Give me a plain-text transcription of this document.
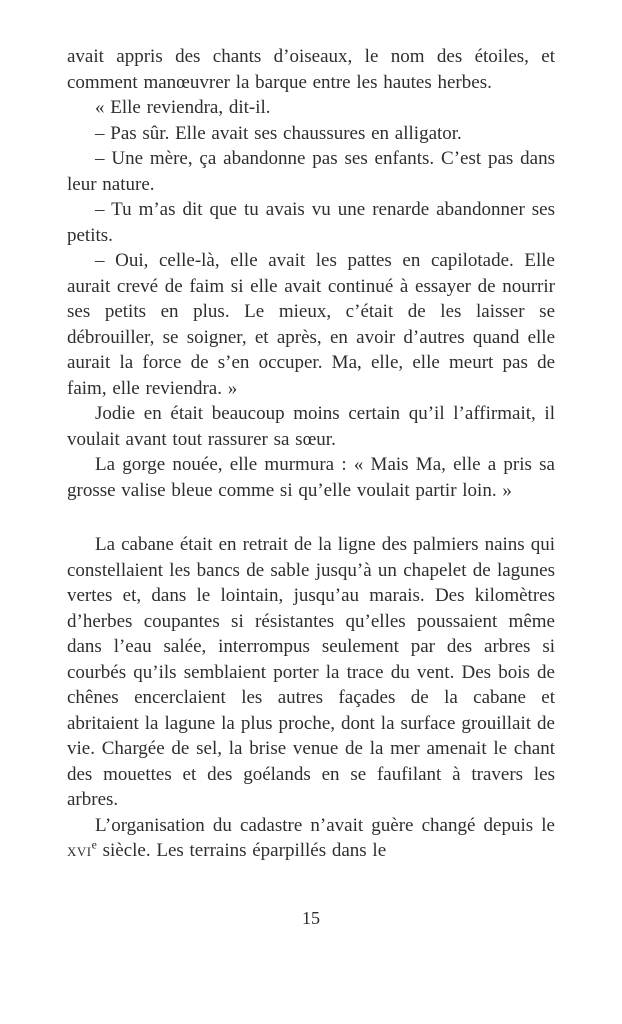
avait appris des chants d’oiseaux, le nom des étoiles, et comment manœuvrer la barque entre les hautes herbes.

« Elle reviendra, dit-il.

– Pas sûr. Elle avait ses chaussures en alligator.

– Une mère, ça abandonne pas ses enfants. C’est pas dans leur nature.

– Tu m’as dit que tu avais vu une renarde abandonner ses petits.

– Oui, celle-là, elle avait les pattes en capilotade. Elle aurait crevé de faim si elle avait continué à essayer de nourrir ses petits en plus. Le mieux, c’était de les laisser se débrouiller, se soigner, et après, en avoir d’autres quand elle aurait la force de s’en occuper. Ma, elle, elle meurt pas de faim, elle reviendra. »

Jodie en était beaucoup moins certain qu’il l’affirmait, il voulait avant tout rassurer sa sœur.

La gorge nouée, elle murmura : « Mais Ma, elle a pris sa grosse valise bleue comme si qu’elle voulait partir loin. »

La cabane était en retrait de la ligne des palmiers nains qui constellaient les bancs de sable jusqu’à un chapelet de lagunes vertes et, dans le lointain, jusqu’au marais. Des kilomètres d’herbes coupantes si résistantes qu’elles poussaient même dans l’eau salée, interrompus seulement par des arbres si courbés qu’ils semblaient porter la trace du vent. Des bois de chênes encerclaient les autres façades de la cabane et abritaient la lagune la plus proche, dont la surface grouillait de vie. Chargée de sel, la brise venue de la mer amenait le chant des mouettes et des goélands en se faufilant à travers les arbres.

L’organisation du cadastre n’avait guère changé depuis le xvi$^e$ siècle. Les terrains éparpillés dans le

15
